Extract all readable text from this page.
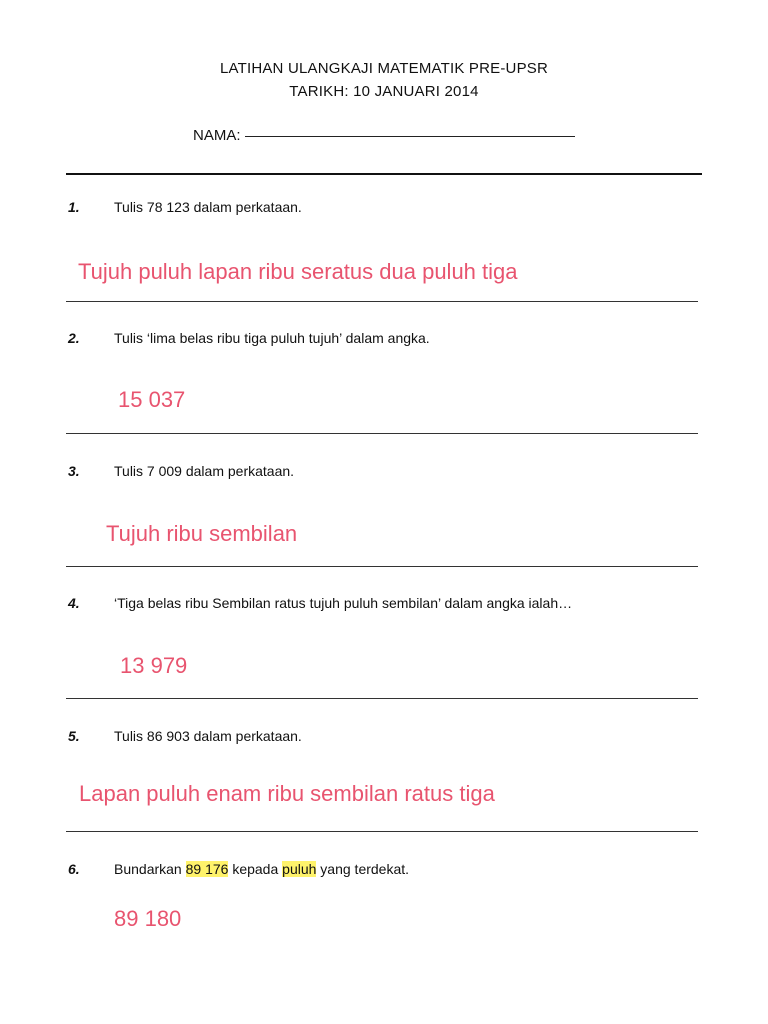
LATIHAN ULANGKAJI MATEMATIK PRE-UPSR
TARIKH: 10 JANUARI 2014
NAMA:
1. Tulis 78 123 dalam perkataan.
Tujuh puluh lapan ribu seratus dua puluh tiga
2. Tulis ‘lima belas ribu tiga puluh tujuh’ dalam angka.
15 037
3. Tulis 7 009 dalam perkataan.
Tujuh ribu sembilan
4. ‘Tiga belas ribu Sembilan ratus tujuh puluh sembilan’ dalam angka ialah…
13 979
5. Tulis 86 903 dalam perkataan.
Lapan puluh enam ribu sembilan ratus tiga
6. Bundarkan 89 176 kepada puluh yang terdekat.
89 180
